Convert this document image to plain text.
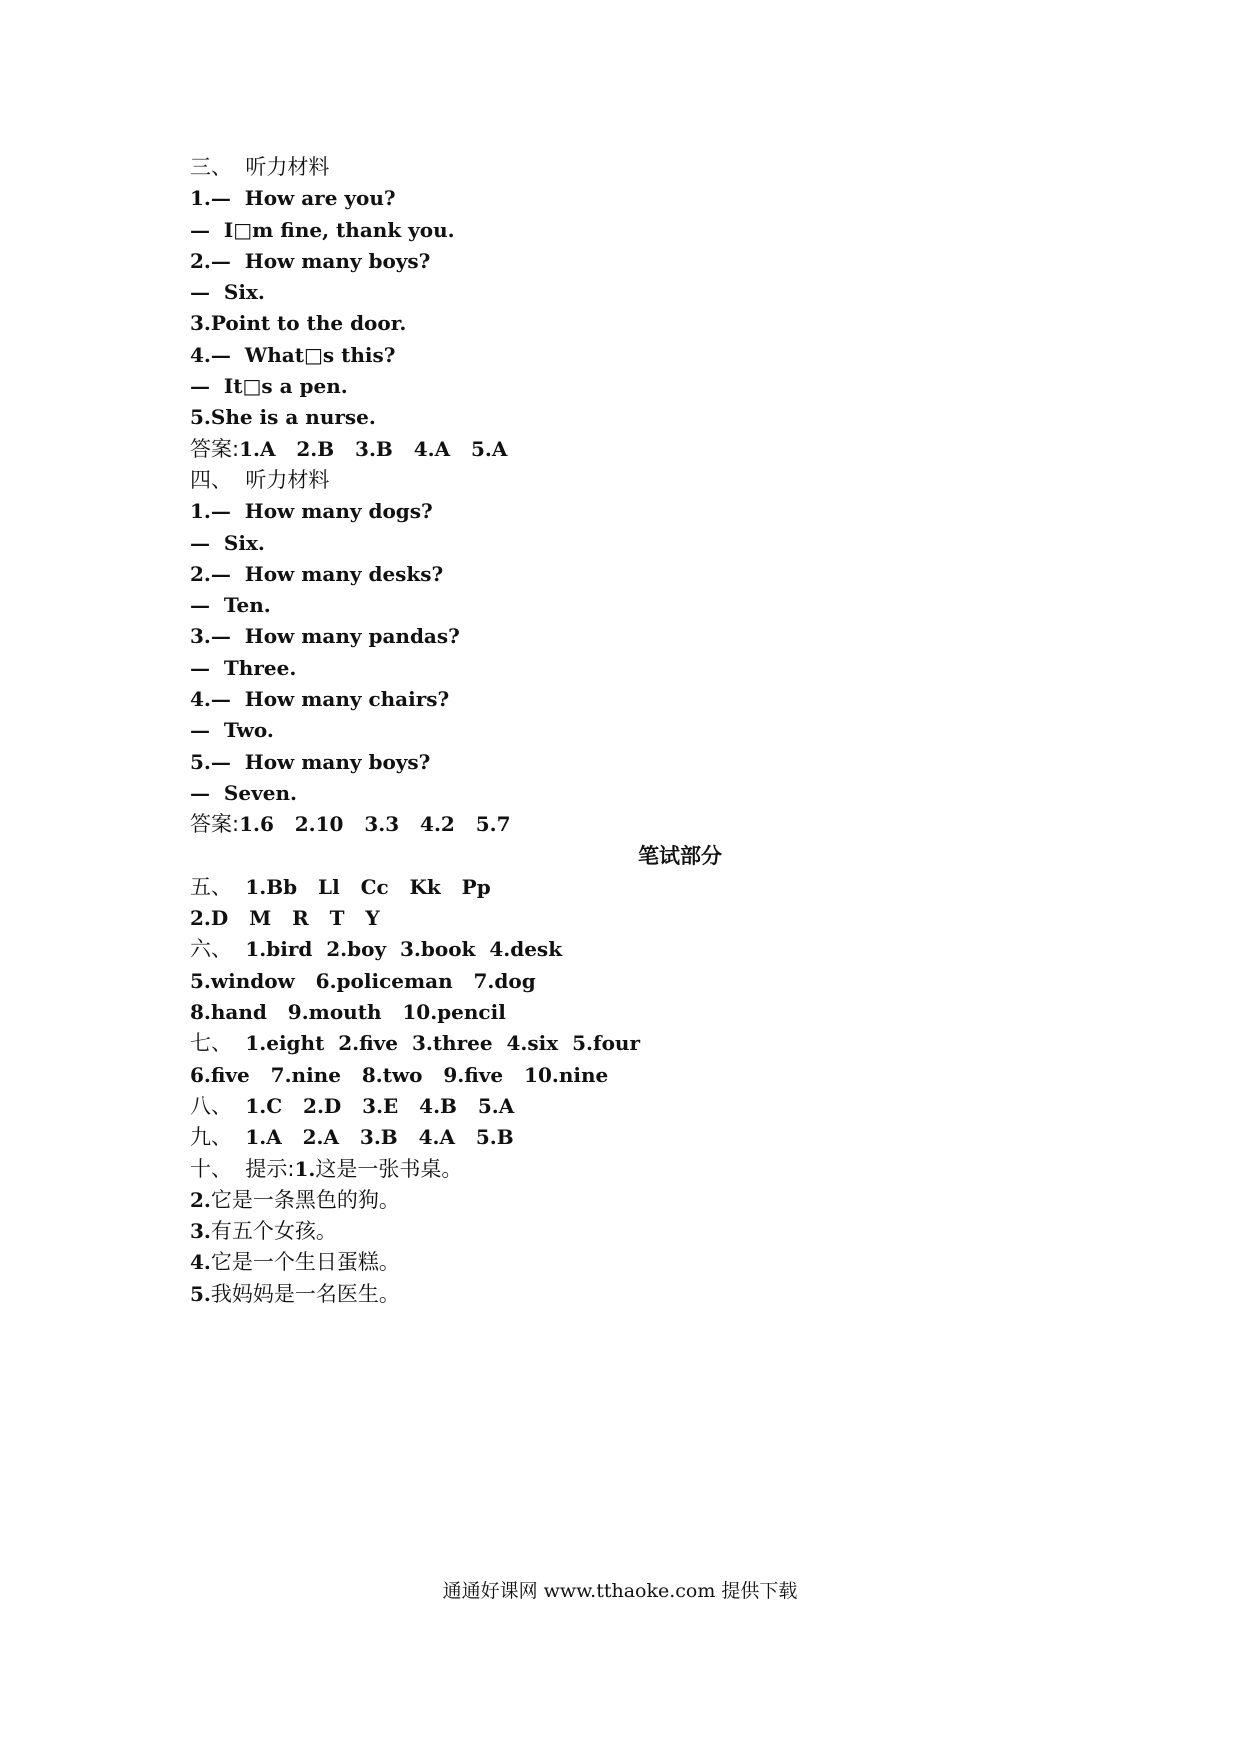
三、  听力材料
1.—  How are you?
—  I□m fine, thank you.
2.—  How many boys?
—  Six.
3.Point to the door.
4.—  What□s this?
—  It□s a pen.
5.She is a nurse.
答案:1.A   2.B   3.B   4.A   5.A
四、  听力材料
1.—  How many dogs?
—  Six.
2.—  How many desks?
—  Ten.
3.—  How many pandas?
—  Three.
4.—  How many chairs?
—  Two.
5.—  How many boys?
—  Seven.
答案:1.6   2.10   3.3   4.2   5.7
笔试部分
五、  1.Bb   Ll   Cc   Kk   Pp
2.D   M   R   T   Y
六、  1.bird  2.boy  3.book  4.desk
5.window   6.policeman   7.dog
8.hand   9.mouth   10.pencil
七、  1.eight  2.five  3.three  4.six  5.four
6.five   7.nine   8.two   9.five   10.nine
八、  1.C   2.D   3.E   4.B   5.A
九、  1.A   2.A   3.B   4.A   5.B
十、  提示:1.这是一张书桌。
2.它是一条黑色的狗。
3.有五个女孩。
4.它是一个生日蛋糕。
5.我妈妈是一名医生。
通通好课网 www.tthaoke.com 提供下载
